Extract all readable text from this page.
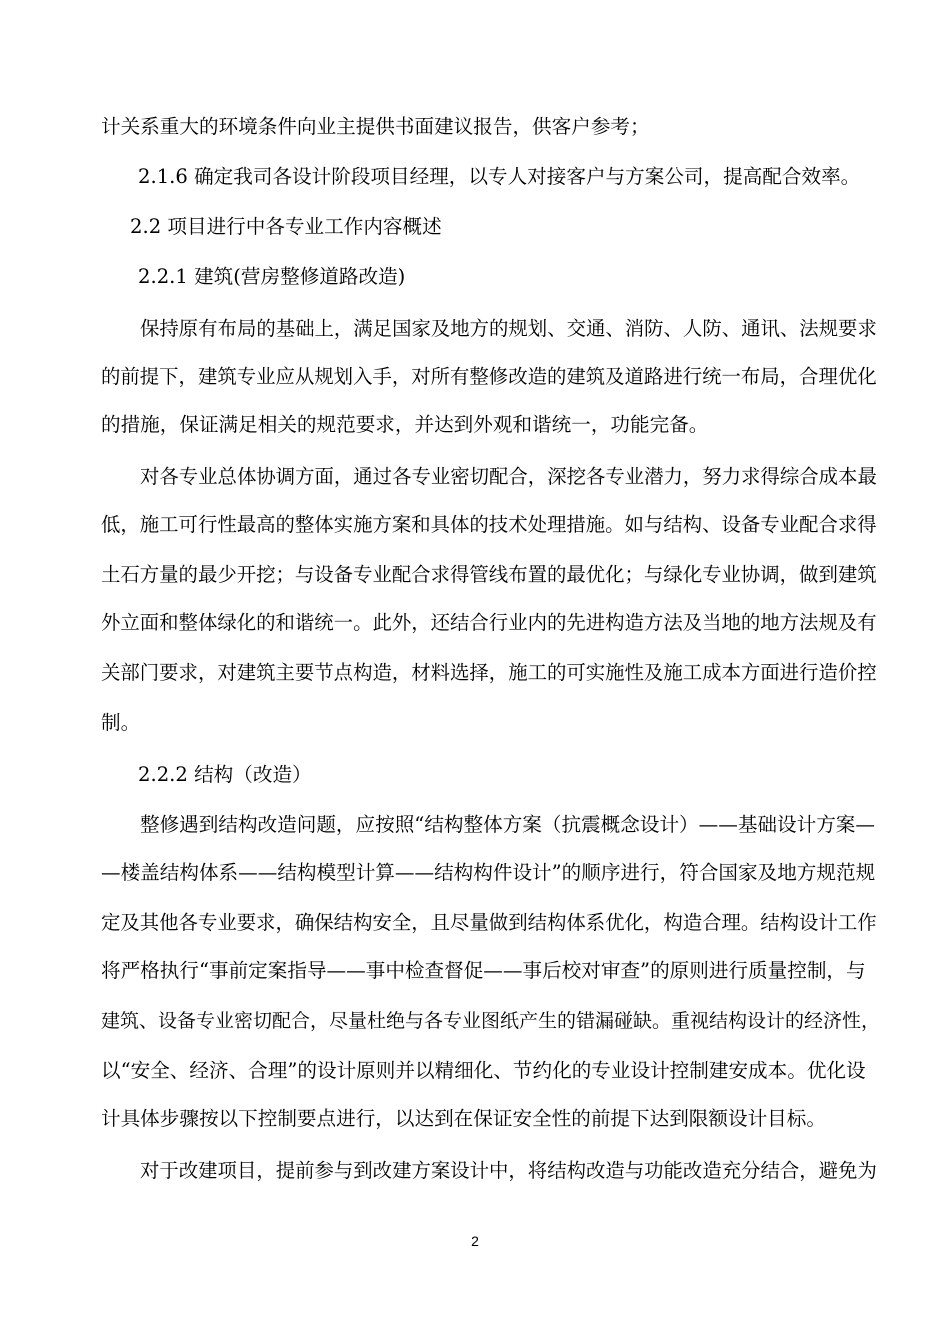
计关系重大的环境条件向业主提供书面建议报告，供客户参考；
2.1.6 确定我司各设计阶段项目经理，以专人对接客户与方案公司，提高配合效率。
2.2 项目进行中各专业工作内容概述
2.2.1 建筑(营房整修道路改造)
保持原有布局的基础上，满足国家及地方的规划、交通、消防、人防、通讯、法规要求
的前提下，建筑专业应从规划入手，对所有整修改造的建筑及道路进行统一布局，合理优化
的措施，保证满足相关的规范要求，并达到外观和谐统一，功能完备。
对各专业总体协调方面，通过各专业密切配合，深挖各专业潜力，努力求得综合成本最
低，施工可行性最高的整体实施方案和具体的技术处理措施。如与结构、设备专业配合求得
土石方量的最少开挖；与设备专业配合求得管线布置的最优化；与绿化专业协调，做到建筑
外立面和整体绿化的和谐统一。此外，还结合行业内的先进构造方法及当地的地方法规及有
关部门要求，对建筑主要节点构造，材料选择，施工的可实施性及施工成本方面进行造价控
制。
2.2.2 结构（改造）
整修遇到结构改造问题，应按照“结构整体方案（抗震概念设计）——基础设计方案—
—楼盖结构体系——结构模型计算——结构构件设计”的顺序进行，符合国家及地方规范规
定及其他各专业要求，确保结构安全，且尽量做到结构体系优化，构造合理。结构设计工作
将严格执行“事前定案指导——事中检查督促——事后校对审查”的原则进行质量控制，与
建筑、设备专业密切配合，尽量杜绝与各专业图纸产生的错漏碰缺。重视结构设计的经济性，
以“安全、经济、合理”的设计原则并以精细化、节约化的专业设计控制建安成本。优化设
计具体步骤按以下控制要点进行，以达到在保证安全性的前提下达到限额设计目标。
对于改建项目，提前参与到改建方案设计中，将结构改造与功能改造充分结合，避免为
2
